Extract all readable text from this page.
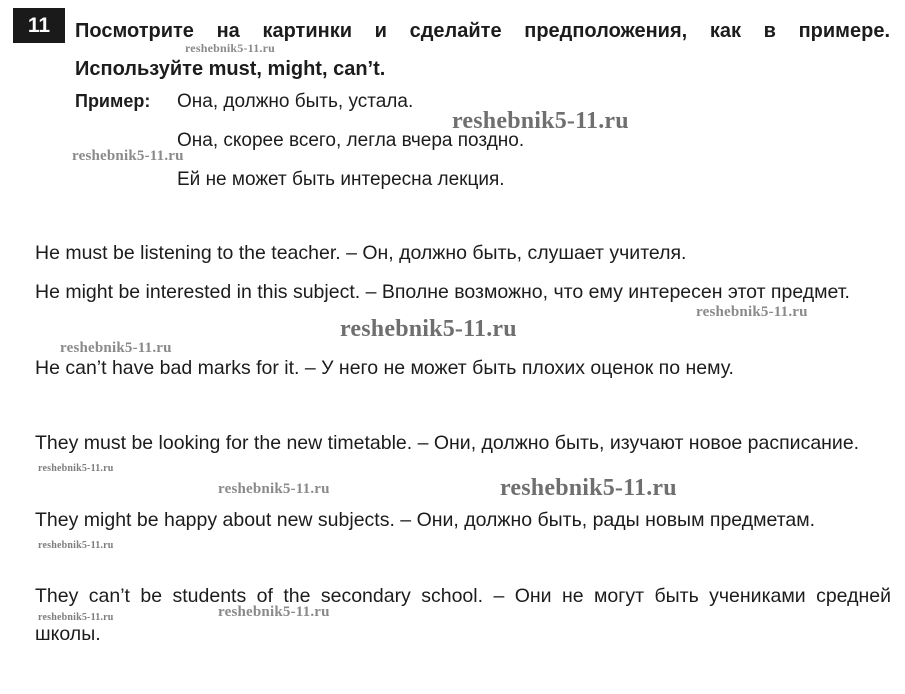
11 Посмотрите на картинки и сделайте предположения, как в примере.
Используйте must, might, can’t.
Пример: Она, должно быть, устала.
Она, скорее всего, легла вчера поздно.
Ей не может быть интересна лекция.
He must be listening to the teacher. – Он, должно быть, слушает учителя.
He might be interested in this subject. – Вполне возможно, что ему интересен этот предмет.
He can’t have bad marks for it. – У него не может быть плохих оценок по нему.
They must be looking for the new timetable. – Они, должно быть, изучают новое расписание.
They might be happy about new subjects. – Они, должно быть, рады новым предметам.
They can’t be students of the secondary school. – Они не могут быть учениками средней школы.
reshebnik5-11.ru
reshebnik5-11.ru
reshebnik5-11.ru
reshebnik5-11.ru
reshebnik5-11.ru
reshebnik5-11.ru
reshebnik5-11.ru
reshebnik5-11.ru	reshebnik5-11.ru
reshebnik5-11.ru
reshebnik5-11.ru
reshebnik5-11.ru
